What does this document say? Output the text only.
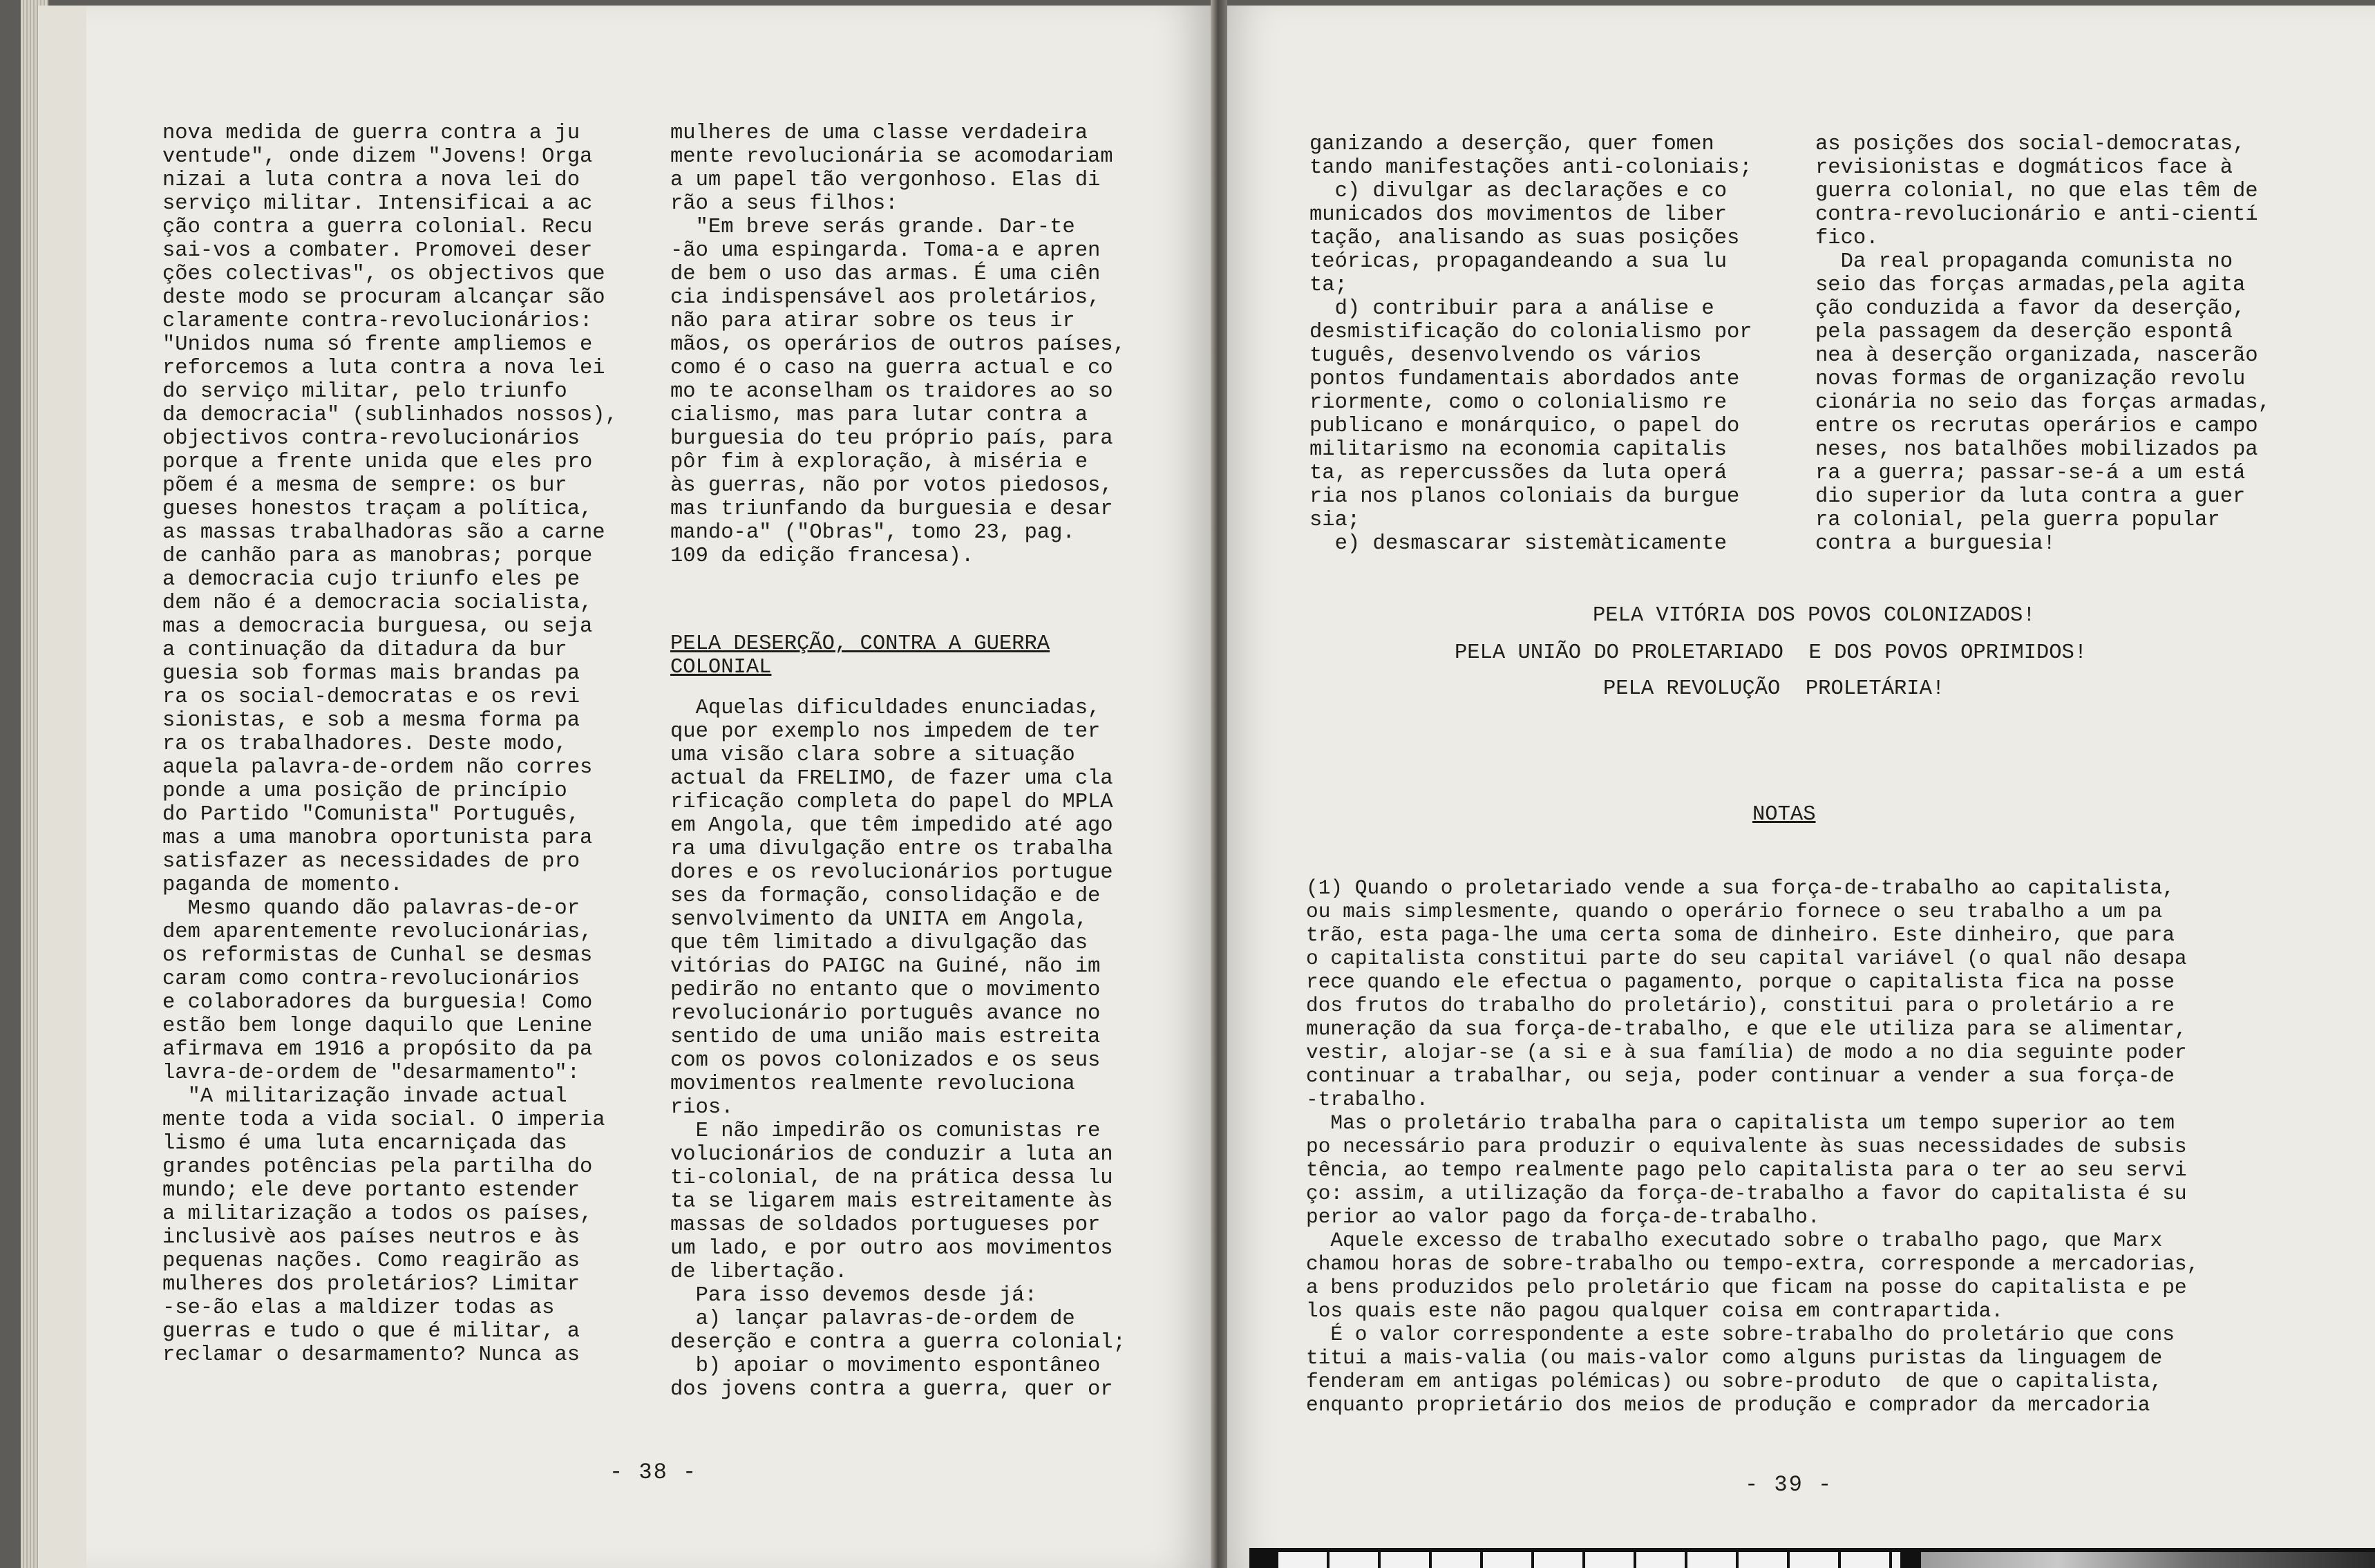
nova medida de guerra contra a ju

ventude", onde dizem "Jovens! Orga

nizai a luta contra a nova lei do

serviço militar. Intensificai a ac

ção contra a guerra colonial. Recu

sai-vos a combater. Promovei deser

ções colectivas", os objectivos que

deste modo se procuram alcançar são

claramente contra-revolucionários:

"Unidos numa só frente ampliemos e

reforcemos a luta contra a nova lei

do serviço militar, pelo triunfo

da democracia" (sublinhados nossos),

objectivos contra-revolucionários

porque a frente unida que eles pro

põem é a mesma de sempre: os bur

gueses honestos traçam a política,

as massas trabalhadoras são a carne

de canhão para as manobras; porque

a democracia cujo triunfo eles pe

dem não é a democracia socialista,

mas a democracia burguesa, ou seja

a continuação da ditadura da bur

guesia sob formas mais brandas pa

ra os social-democratas e os revi

sionistas, e sob a mesma forma pa

ra os trabalhadores. Deste modo,

aquela palavra-de-ordem não corres

ponde a uma posição de princípio

do Partido "Comunista" Português,

mas a uma manobra oportunista para

satisfazer as necessidades de pro

paganda de momento.

Mesmo quando dão palavras-de-or

dem aparentemente revolucionárias,

os reformistas de Cunhal se desmas

caram como contra-revolucionários

e colaboradores da burguesia! Como

estão bem longe daquilo que Lenine

afirmava em 1916 a propósito da pa

lavra-de-ordem de "desarmamento":

"A militarização invade actual

mente toda a vida social. O imperia

lismo é uma luta encarniçada das

grandes potências pela partilha do

mundo; ele deve portanto estender

a militarização a todos os países,

inclusivè aos países neutros e às

pequenas nações. Como reagirão as

mulheres dos proletários? Limitar

-se-ão elas a maldizer todas as

guerras e tudo o que é militar, a

reclamar o desarmamento? Nunca as

mulheres de uma classe verdadeira

mente revolucionária se acomodariam

a um papel tão vergonhoso. Elas di

rão a seus filhos:

"Em breve serás grande. Dar-te

-ão uma espingarda. Toma-a e apren

de bem o uso das armas. É uma ciên

cia indispensável aos proletários,

não para atirar sobre os teus ir

mãos, os operários de outros países,

como é o caso na guerra actual e co

mo te aconselham os traidores ao so

cialismo, mas para lutar contra a

burguesia do teu próprio país, para

pôr fim à exploração, à miséria e

às guerras, não por votos piedosos,

mas triunfando da burguesia e desar

mando-a" ("Obras", tomo 23, pag.

109 da edição francesa).

PELA DESERÇÃO, CONTRA A GUERRA

COLONIAL

Aquelas dificuldades enunciadas,

que por exemplo nos impedem de ter

uma visão clara sobre a situação

actual da FRELIMO, de fazer uma cla

rificação completa do papel do MPLA

em Angola, que têm impedido até ago

ra uma divulgação entre os trabalha

dores e os revolucionários portugue

ses da formação, consolidação e de

senvolvimento da UNITA em Angola,

que têm limitado a divulgação das

vitórias do PAIGC na Guiné, não im

pedirão no entanto que o movimento

revolucionário português avance no

sentido de uma união mais estreita

com os povos colonizados e os seus

movimentos realmente revoluciona

rios.

E não impedirão os comunistas re

volucionários de conduzir a luta an

ti-colonial, de na prática dessa lu

ta se ligarem mais estreitamente às

massas de soldados portugueses por

um lado, e por outro aos movimentos

de libertação.

Para isso devemos desde já:

a) lançar palavras-de-ordem de

deserção e contra a guerra colonial;

b) apoiar o movimento espontâneo

dos jovens contra a guerra, quer or

- 38 -

ganizando a deserção, quer fomen

tando manifestações anti-coloniais;

c) divulgar as declarações e co

municados dos movimentos de liber

tação, analisando as suas posições

teóricas, propagandeando a sua lu

ta;

d) contribuir para a análise e

desmistificação do colonialismo por

tuguês, desenvolvendo os vários

pontos fundamentais abordados ante

riormente, como o colonialismo re

publicano e monárquico, o papel do

militarismo na economia capitalis

ta, as repercussões da luta operá

ria nos planos coloniais da burgue

sia;

e) desmascarar sistemàticamente

as posições dos social-democratas,

revisionistas e dogmáticos face à

guerra colonial, no que elas têm de

contra-revolucionário e anti-cientí

fico.

Da real propaganda comunista no

seio das forças armadas,pela agita

ção conduzida a favor da deserção,

pela passagem da deserção espontâ

nea à deserção organizada, nascerão

novas formas de organização revolu

cionária no seio das forças armadas,

entre os recrutas operários e campo

neses, nos batalhões mobilizados pa

ra a guerra; passar-se-á a um está

dio superior da luta contra a guer

ra colonial, pela guerra popular

contra a burguesia!

PELA VITÓRIA DOS POVOS COLONIZADOS!
PELA UNIÃO DO PROLETARIADO  E DOS POVOS OPRIMIDOS!
PELA REVOLUÇÃO  PROLETÁRIA!
NOTAS

(1) Quando o proletariado vende a sua força-de-trabalho ao capitalista,

ou mais simplesmente, quando o operário fornece o seu trabalho a um pa

trão, esta paga-lhe uma certa soma de dinheiro. Este dinheiro, que para

o capitalista constitui parte do seu capital variável (o qual não desapa

rece quando ele efectua o pagamento, porque o capitalista fica na posse

dos frutos do trabalho do proletário), constitui para o proletário a re

muneração da sua força-de-trabalho, e que ele utiliza para se alimentar,

vestir, alojar-se (a si e à sua família) de modo a no dia seguinte poder

continuar a trabalhar, ou seja, poder continuar a vender a sua força-de

-trabalho.

Mas o proletário trabalha para o capitalista um tempo superior ao tem

po necessário para produzir o equivalente às suas necessidades de subsis

tência, ao tempo realmente pago pelo capitalista para o ter ao seu servi

ço: assim, a utilização da força-de-trabalho a favor do capitalista é su

perior ao valor pago da força-de-trabalho.

Aquele excesso de trabalho executado sobre o trabalho pago, que Marx

chamou horas de sobre-trabalho ou tempo-extra, corresponde a mercadorias,

a bens produzidos pelo proletário que ficam na posse do capitalista e pe

los quais este não pagou qualquer coisa em contrapartida.

É o valor correspondente a este sobre-trabalho do proletário que cons

titui a mais-valia (ou mais-valor como alguns puristas da linguagem de

fenderam em antigas polémicas) ou sobre-produto  de que o capitalista,

enquanto proprietário dos meios de produção e comprador da mercadoria

- 39 -
